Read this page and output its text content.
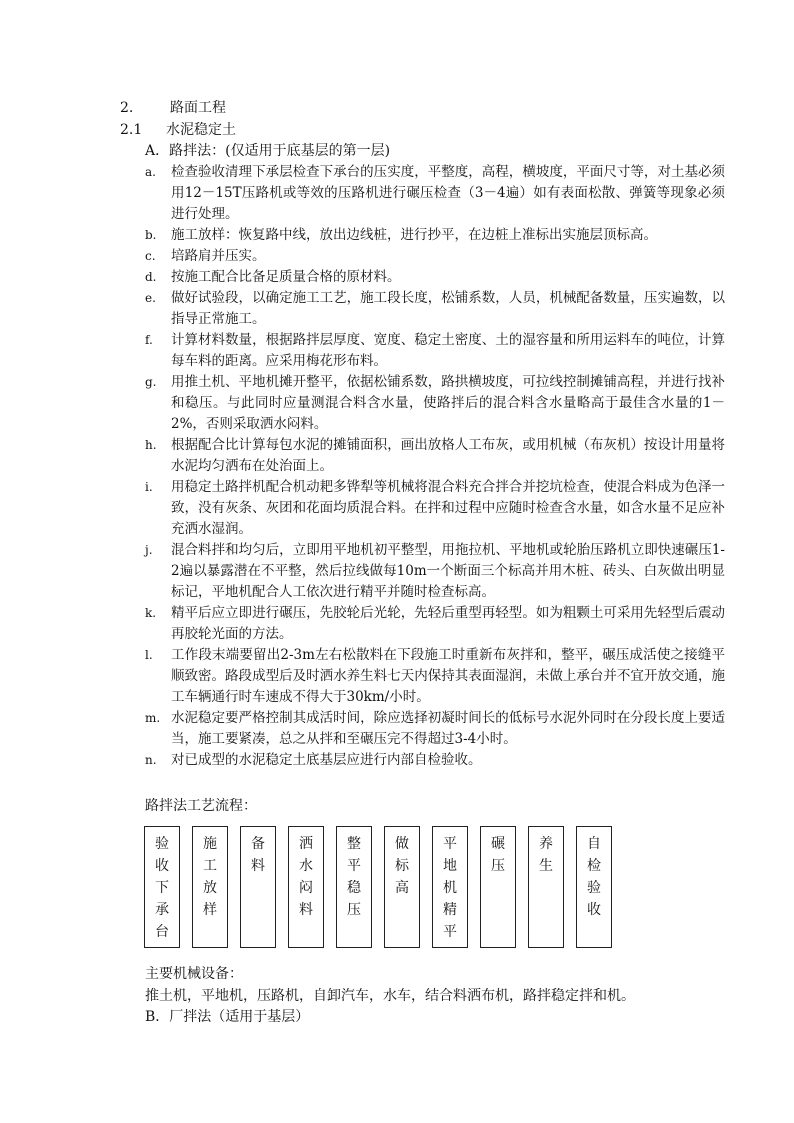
2.	路面工程
2.1 水泥稳定土
A．路拌法：(仅适用于底基层的第一层)
a.	检查验收清理下承层检查下承台的压实度，平整度，高程，横坡度，平面尺寸等，对土基必须用12－15T压路机或等效的压路机进行碾压检查（3－4遍）如有表面松散、弹簧等现象必须进行处理。
b.	施工放样：恢复路中线，放出边线桩，进行抄平，在边桩上准标出实施层顶标高。
c.	培路肩并压实。
d.	按施工配合比备足质量合格的原材料。
e.	做好试验段，以确定施工工艺，施工段长度，松铺系数，人员，机械配备数量，压实遍数，以指导正常施工。
f.	计算材料数量，根据路拌层厚度、宽度、稳定土密度、土的湿容量和所用运料车的吨位，计算每车料的距离。应采用梅花形布料。
g.	用推土机、平地机摊开整平，依据松铺系数，路拱横坡度，可拉线控制摊铺高程，并进行找补和稳压。与此同时应量测混合料含水量，使路拌后的混合料含水量略高于最佳含水量的1－2%，否则采取洒水闷料。
h.	根据配合比计算每包水泥的摊铺面积，画出放格人工布灰，或用机械（布灰机）按设计用量将水泥均匀洒布在处治面上。
i.	用稳定土路拌机配合机动耙多铧犁等机械将混合料充合拌合并挖坑检查，使混合料成为色泽一致，没有灰条、灰团和花面均质混合料。在拌和过程中应随时检查含水量，如含水量不足应补充洒水湿润。
j.	混合料拌和均匀后，立即用平地机初平整型，用拖拉机、平地机或轮胎压路机立即快速碾压1-2遍以暴露潜在不平整，然后拉线做每10m一个断面三个标高并用木桩、砖头、白灰做出明显标记，平地机配合人工依次进行精平并随时检查标高。
k.	精平后应立即进行碾压，先胶轮后光轮，先轻后重型再轻型。如为粗颗土可采用先轻型后震动再胶轮光面的方法。
l.	工作段末端要留出2-3m左右松散料在下段施工时重新布灰拌和，整平，碾压成活使之接缝平顺致密。路段成型后及时洒水养生料七天内保持其表面湿润，未做上承台并不宜开放交通，施工车辆通行时车速成不得大于30km/小时。
m. 水泥稳定要严格控制其成活时间，除应选择初凝时间长的低标号水泥外同时在分段长度上要适当，施工要紧凑，总之从拌和至碾压完不得超过3-4小时。
n.	对已成型的水泥稳定土底基层应进行内部自检验收。
路拌法工艺流程：
验收下承台
施工放样
备料
洒水闷料
整平稳压
做标高
平地机精平
碾压
养生
自检验收
主要机械设备：
推土机，平地机，压路机，自卸汽车，水车，结合料洒布机，路拌稳定拌和机。
B．厂拌法（适用于基层）
